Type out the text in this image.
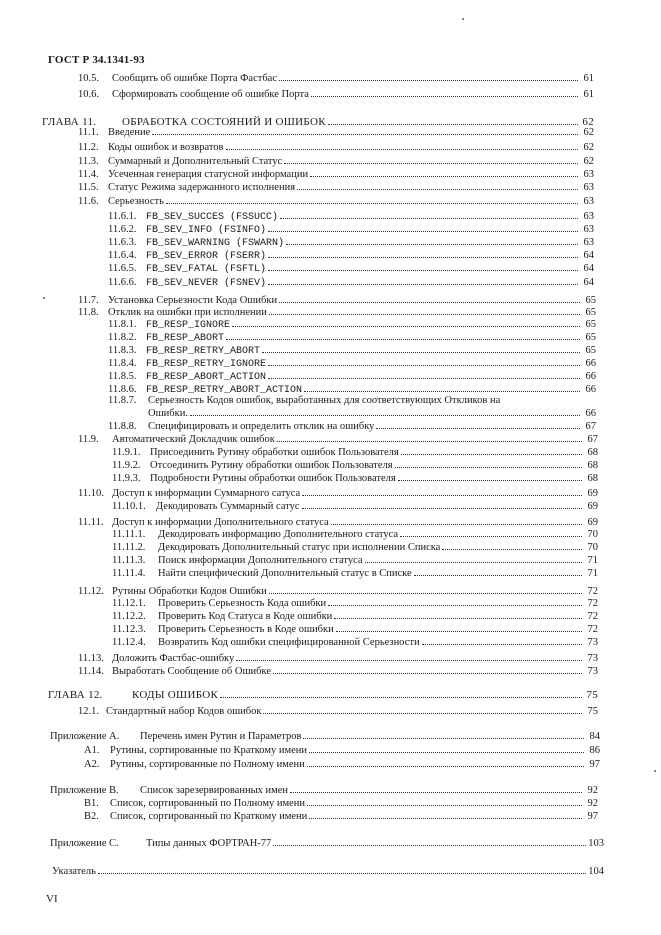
ГОСТ Р 34.1341-93
10.5.	Сообщить об ошибке Порта Фастбас	61
10.6.	Сформировать сообщение об ошибке Порта	61
ГЛАВА 11.	ОБРАБОТКА СОСТОЯНИЙ И ОШИБОК	62
11.1. Введение	62
11.2. Коды ошибок и возвратов	62
11.3. Суммарный и Дополнительный Статус	62
11.4. Усеченная генерация статусной информации	63
11.5. Статус Режима задержанного исполнения	63
11.6. Серьезность	63
11.6.1. FB_SEV_SUCCES (FSSUCC)	63
11.6.2. FB_SEV_INFO (FSINFO)	63
11.6.3. FB_SEV_WARNING (FSWARN)	63
11.6.4. FB_SEV_ERROR (FSERR)	64
11.6.5. FB_SEV_FATAL (FSFTL)	64
11.6.6. FB_SEV_NEVER (FSNEV)	64
11.7. Установка Серьезности Кода Ошибки	65
11.8. Отклик на ошибки при исполнении	65
11.8.1. FB_RESP_IGNORE	65
11.8.2. FB_RESP_ABORT	65
11.8.3. FB_RESP_RETRY_ABORT	65
11.8.4. FB_RESP_RETRY_IGNORE	66
11.8.5. FB_RESP_ABORT_ACTION	66
11.8.6. FB_RESP_RETRY_ABORT_ACTION	66
11.8.7.	Серьезность Кодов ошибок, выработанных для соответствующих Откликов на
Ошибки.	66
11.8.8.	Специфицировать и определить отклик на ошибку	67
11.9.	Автоматический Докладчик ошибок	67
11.9.1. Присоединить Рутину обработки ошибок Пользователя	68
11.9.2. Отсоединить Рутину обработки ошибок Пользователя	68
11.9.3. Подробности Рутины обработки ошибок Пользователя	68
11.10. Доступ к информации Суммарного сатуса	69
11.10.1. Декодировать Суммарный сатус	69
11.11. Доступ к информации Дополнительного статуса	69
11.11.1.	Декодировать информацию Дополнительного статуса	70
11.11.2.	Декодировать Дополнительный статус при исполнении Списка	70
11.11.3.	Поиск информации Дополнительного статуса	71
11.11.4.	Найти специфический Дополнительный статус в Списке	71
11.12. Рутины Обработки Кодов Ошибки	72
11.12.1.	Проверить Серьезность Кода ошибки	72
11.12.2.	Проверить Код Статуса в Коде ошибки	72
11.12.3.	Проверить Серьезность в Коде ошибки	72
11.12.4.	Возвратить Код ошибки специфицированной Серьезности	73
11.13. Доложить Фастбас-ошибку	73
11.14. Выработать Сообщение об Ошибке	73
ГЛАВА 12.	КОДЫ ОШИБОК	75
12.1. Стандартный набор Кодов ошибок	75
Приложение А.	Перечень имен Рутин и Параметров	84
А1.	Рутины, сортированные по Краткому имени	86
А2.	Рутины, сортированные по Полному имени	97
Приложение В.	Список зарезервированных имен	92
В1.	Список, сортированный по Полному имени	92
В2.	Список, сортированный по Краткому имени	97
Приложение С.	Типы данных ФОРТРАН-77	103
Указатель	104
VI
